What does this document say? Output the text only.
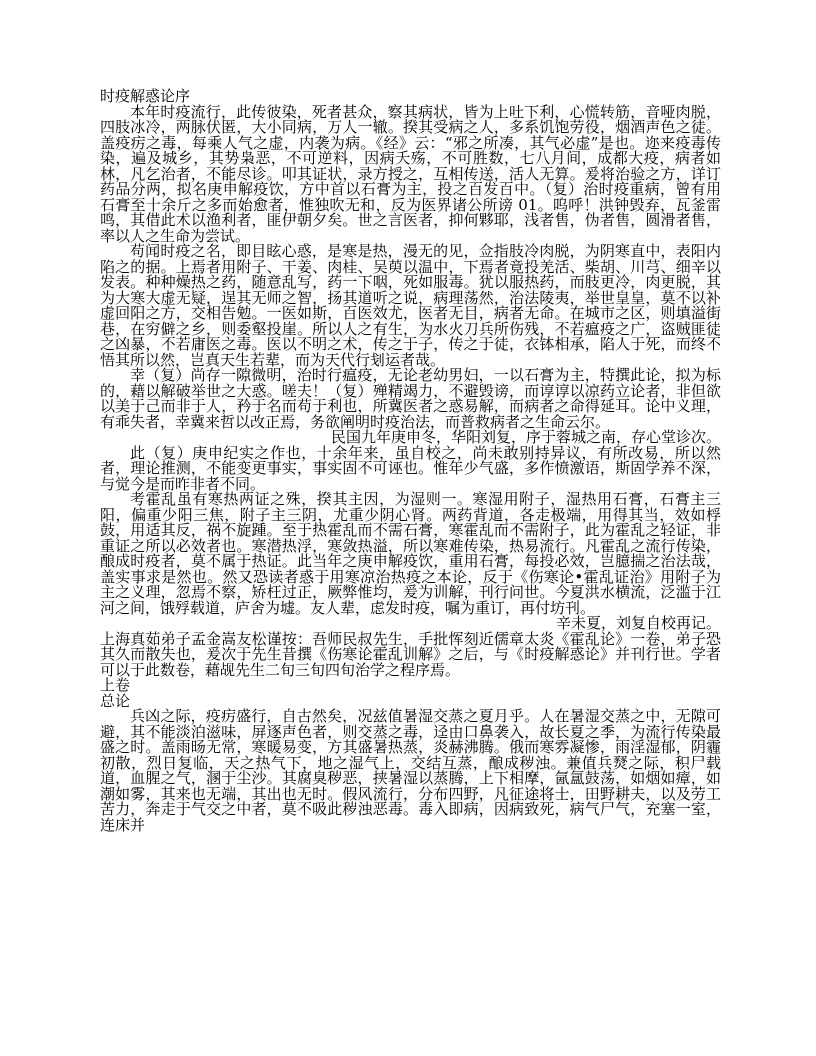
时疫解惑论序

本年时疫流行，此传彼染，死者甚众，察其病状，皆为上吐下利，心慌转筋，音哑肉脱，四肢冰冷，两脉伏匿，大小同病，万人一辙。揆其受病之人，多系饥饱劳役，烟酒声色之徒。盖疫疠之毒，每乘人气之虚，内袭为病。《经》云：“邪之所凑，其气必虚”是也。迩来疫毒传染，遍及城乡，其势枭恶，不可逆料，因病夭殇，不可胜数，七八月间，成都大疫，病者如林，凡乞治者，不能尽诊。叩其证状，录方授之，互相传送，活人无算。爰将治验之方，详订药品分两，拟名庚申解疫饮，方中首以石膏为主，投之百发百中。（复）治时疫重病，曾有用石膏至十余斤之多而始愈者，惟独吹无和，反为医界诸公所谤 01。呜呼！洪钟毁弃，瓦釜雷鸣，其借此术以渔利者，匪伊朝夕矣。世之言医者，抑何夥耶，浅者售，伪者售，圆滑者售，率以人之生命为尝试。

苟闻时疫之名，即目眩心惑，是寒是热，漫无的见，佥指肢冷肉脱，为阴寒直中，表阳内陷之的据。上焉者用附子、干姜、肉桂、吴萸以温中，下焉者竟投羌活、柴胡、川芎、细辛以发表。种种燥热之药，随意乱写，药一下咽，死如服毒。犹以服热药，而肢更冷，肉更脱，其为大寒大虚无疑，逞其无师之智，扬其道听之说，病理荡然，治法陵夷，举世皇皇，莫不以补虚回阳之方，交相告勉。一医如斯，百医效尤，医者无目，病者无命。在城市之区，则填溢街巷，在穷僻之乡，则委壑投崖。所以人之有生，为水火刀兵所伤残，不若瘟疫之广，盗贼匪徒之凶暴，不若庸医之毒。医以不明之术，传之于子，传之于徒，衣钵相承，陷人于死，而终不悟其所以然，岂真天生若辈，而为天代行刬运者哉。

幸（复）尚存一隙微明，治时行瘟疫，无论老幼男妇，一以石膏为主，特撰此论，拟为标的，藉以解破举世之大惑。嗟夫！（复）殚精竭力，不避毁谤，而谆谆以凉药立论者，非但欲以美于己而非于人，矜于名而苟于利也，所冀医者之惑易解，而病者之命得延耳。论中义理，有乖失者，幸冀来哲以改正焉，务欲阐明时疫治法，而普救病者之生命云尔。

民国九年庚申冬，华阳刘复，序于蓉城之南，存心堂诊次。

此（复）庚申纪实之作也，十余年来，虽自校之，尚未敢别持异议，有所改易，所以然者，理论推测，不能变更事实，事实固不可诬也。惟年少气盛，多作愤激语，斯固学养不深，与觉今是而昨非者不同。

考霍乱虽有寒热两证之殊，揆其主因，为湿则一。寒湿用附子，湿热用石膏，石膏主三阳，偏重少阳三焦，附子主三阴，尤重少阴心肾。两药背道，各走极端，用得其当，效如桴鼓，用适其反，祸不旋踵。至于热霍乱而不需石膏，寒霍乱而不需附子，此为霍乱之轻证，非重证之所以必效者也。寒潜热浮，寒敛热溢，所以寒难传染，热易流行。凡霍乱之流行传染，酿成时疫者，莫不属于热证。此当年之庚申解疫饮，重用石膏，每投必效，岂臆揣之治法哉，盖实事求是然也。然又恐读者惑于用寒凉治热疫之本论，反于《伤寒论•霍乱证治》用附子为主之义理，忽焉不察，矫枉过正，厥弊惟均，爰为训解，刊行问世。今夏洪水横流，泛滥于江河之间，饿殍载道，庐舍为墟。友人辈，虑发时疫，嘱为重订，再付坊刊。

辛未夏，刘复自校再记。

上海真茹弟子孟金嵩友松谨按：吾师民叔先生，手批恽刻近儒章太炎《霍乱论》一卷，弟子恐其久而散失也，爰次于先生昔撰《伤寒论霍乱训解》之后，与《时疫解惑论》并刊行世。学者可以于此数卷，藉觇先生二旬三旬四旬治学之程序焉。

上卷
总论

兵凶之际，疫疠盛行，自古然矣，况兹值暑湿交蒸之夏月乎。人在暑湿交蒸之中，无隙可避，其不能淡泊滋味，屏逐声色者，则交蒸之毒，迳由口鼻袭入，故长夏之季，为流行传染最盛之时。盖雨旸无常，寒暖易变，方其盛暑热蒸，炎赫沸腾。俄而寒雰凝惨，雨淫湿郁，阴霾初散，烈日复临，天之热气下，地之湿气上，交结互蒸，酿成秽浊。兼值兵燹之际，积尸载道，血腥之气，溷于尘沙。其腐臭秽恶，挟暑湿以蒸腾，上下相摩，氤氲鼓荡，如烟如瘴，如潮如雾，其来也无端，其出也无时。假风流行，分布四野，凡征途将士，田野耕夫，以及劳工苦力，奔走于气交之中者，莫不吸此秽浊恶毒。毒入即病，因病致死，病气尸气，充塞一室，连床并
